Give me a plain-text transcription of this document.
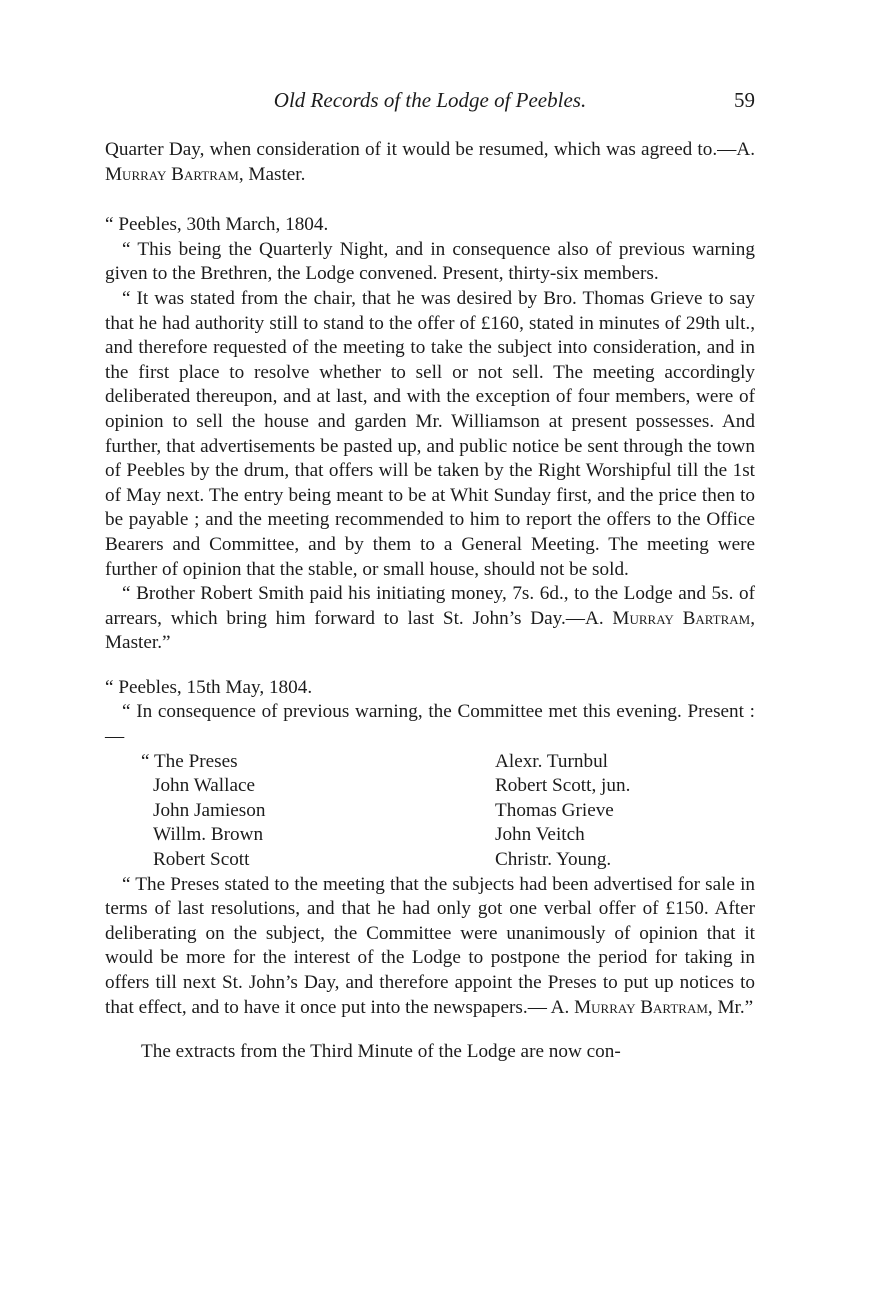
Old Records of the Lodge of Peebles.	59

Quarter Day, when consideration of it would be resumed, which was agreed to.—A. Murray Bartram, Master.

“ Peebles, 30th March, 1804.

“ This being the Quarterly Night, and in consequence also of previous warning given to the Brethren, the Lodge convened. Present, thirty-six members.

“ It was stated from the chair, that he was desired by Bro. Thomas Grieve to say that he had authority still to stand to the offer of £160, stated in minutes of 29th ult., and therefore requested of the meeting to take the subject into consideration, and in the first place to resolve whether to sell or not sell. The meeting accordingly deliberated thereupon, and at last, and with the exception of four members, were of opinion to sell the house and garden Mr. Williamson at present possesses. And further, that advertisements be pasted up, and public notice be sent through the town of Peebles by the drum, that offers will be taken by the Right Worshipful till the 1st of May next. The entry being meant to be at Whit Sunday first, and the price then to be payable ; and the meeting recommended to him to report the offers to the Office Bearers and Committee, and by them to a General Meeting. The meeting were further of opinion that the stable, or small house, should not be sold.

“ Brother Robert Smith paid his initiating money, 7s. 6d., to the Lodge and 5s. of arrears, which bring him forward to last St. John’s Day.—A. Murray Bartram, Master.”

“ Peebles, 15th May, 1804.

“ In consequence of previous warning, the Committee met this evening. Present :—

“ The Preses
John Wallace
John Jamieson
Willm. Brown
Robert Scott
Alexr. Turnbul
Robert Scott, jun.
Thomas Grieve
John Veitch
Christr. Young.

“ The Preses stated to the meeting that the subjects had been advertised for sale in terms of last resolutions, and that he had only got one verbal offer of £150. After deliberating on the subject, the Committee were unanimously of opinion that it would be more for the interest of the Lodge to postpone the period for taking in offers till next St. John’s Day, and therefore appoint the Preses to put up notices to that effect, and to have it once put into the newspapers.— A. Murray Bartram, Mr.”

The extracts from the Third Minute of the Lodge are now con-
